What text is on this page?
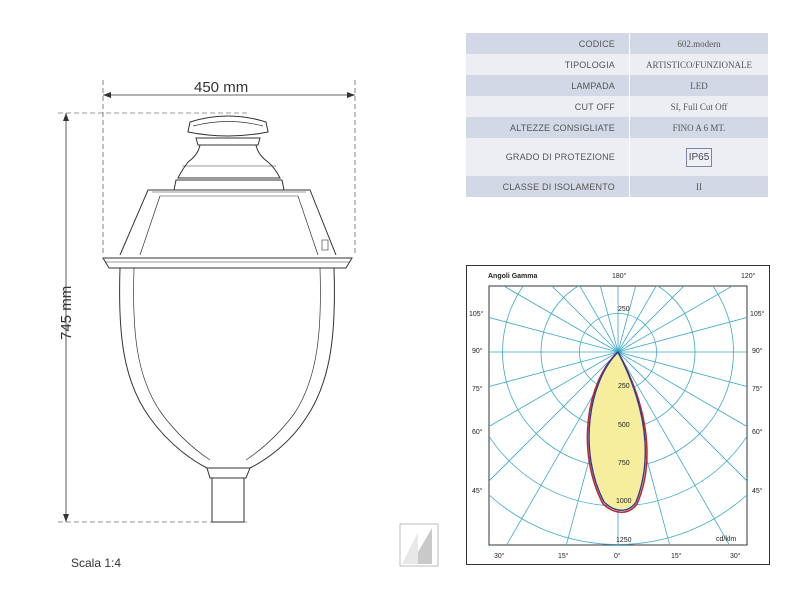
450 mm
745 mm
Scala 1:4
CODICE	602.modern
TIPOLOGIA	ARTISTICO/FUNZIONALE
LAMPADA	LED
CUT OFF	SI, Full Cut Off
ALTEZZE CONSIGLIATE	FINO A 6 MT.
GRADO DI PROTEZIONE	IP65
CLASSE DI ISOLAMENTO	II
Angoli Gamma	180°	120°
105°
90°
75°
60°
45°
105°
90°
75°
60°
45°
30°	15°	0°	15°	30°
cd/klm
250
250
500
750
1000
1250
